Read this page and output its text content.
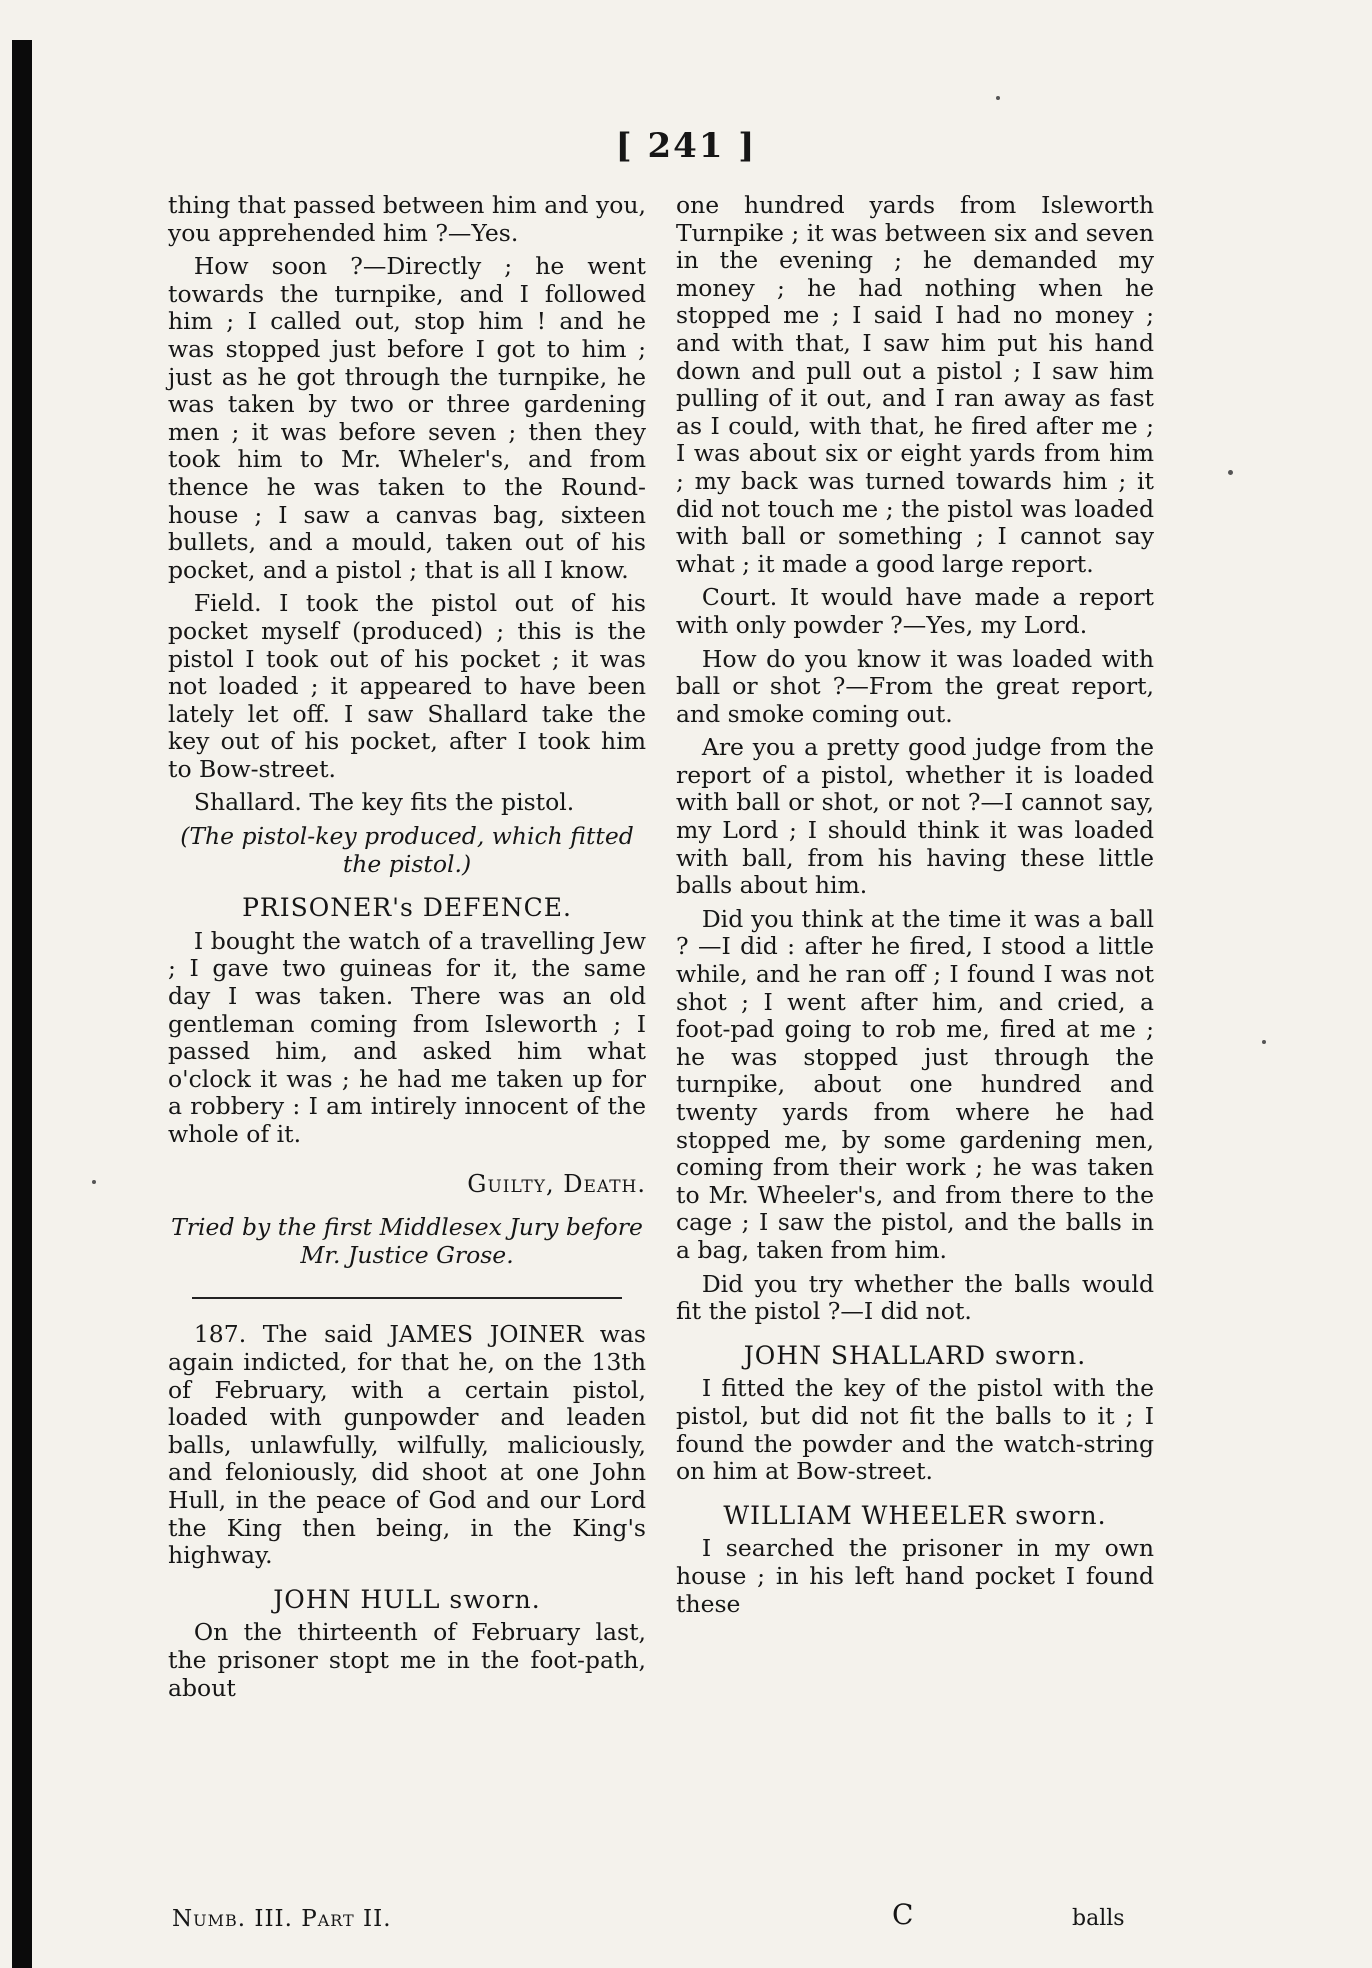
[ 241 ]

thing that passed between him and you, you apprehended him ?—Yes.

How soon ?—Directly ; he went towards the turnpike, and I followed him ; I called out, stop him ! and he was stopped just before I got to him ; just as he got through the turnpike, he was taken by two or three gardening men ; it was before seven ; then they took him to Mr. Wheler's, and from thence he was taken to the Round-house ; I saw a canvas bag, sixteen bullets, and a mould, taken out of his pocket, and a pistol ; that is all I know.

Field. I took the pistol out of his pocket myself (produced) ; this is the pistol I took out of his pocket ; it was not loaded ; it appeared to have been lately let off. I saw Shallard take the key out of his pocket, after I took him to Bow-street.

Shallard. The key fits the pistol.

(The pistol-key produced, which fitted the pistol.)

PRISONER's DEFENCE.

I bought the watch of a travelling Jew ; I gave two guineas for it, the same day I was taken. There was an old gentleman coming from Isleworth ; I passed him, and asked him what o'clock it was ; he had me taken up for a robbery : I am intirely innocent of the whole of it.

Guilty, Death.

Tried by the first Middlesex Jury before Mr. Justice Grose.

187. The said JAMES JOINER was again indicted, for that he, on the 13th of February, with a certain pistol, loaded with gunpowder and leaden balls, unlawfully, wilfully, maliciously, and feloniously, did shoot at one John Hull, in the peace of God and our Lord the King then being, in the King's highway.

JOHN HULL sworn.

On the thirteenth of February last, the prisoner stopt me in the foot-path, about

one hundred yards from Isleworth Turnpike ; it was between six and seven in the evening ; he demanded my money ; he had nothing when he stopped me ; I said I had no money ; and with that, I saw him put his hand down and pull out a pistol ; I saw him pulling of it out, and I ran away as fast as I could, with that, he fired after me ; I was about six or eight yards from him ; my back was turned towards him ; it did not touch me ; the pistol was loaded with ball or something ; I cannot say what ; it made a good large report.

Court. It would have made a report with only powder ?—Yes, my Lord.

How do you know it was loaded with ball or shot ?—From the great report, and smoke coming out.

Are you a pretty good judge from the report of a pistol, whether it is loaded with ball or shot, or not ?—I cannot say, my Lord ; I should think it was loaded with ball, from his having these little balls about him.

Did you think at the time it was a ball ? —I did : after he fired, I stood a little while, and he ran off ; I found I was not shot ; I went after him, and cried, a foot-pad going to rob me, fired at me ; he was stopped just through the turnpike, about one hundred and twenty yards from where he had stopped me, by some gardening men, coming from their work ; he was taken to Mr. Wheeler's, and from there to the cage ; I saw the pistol, and the balls in a bag, taken from him.

Did you try whether the balls would fit the pistol ?—I did not.

JOHN SHALLARD sworn.

I fitted the key of the pistol with the pistol, but did not fit the balls to it ; I found the powder and the watch-string on him at Bow-street.

WILLIAM WHEELER sworn.

I searched the prisoner in my own house ; in his left hand pocket I found these

Numb. III. Part II.	C	balls
